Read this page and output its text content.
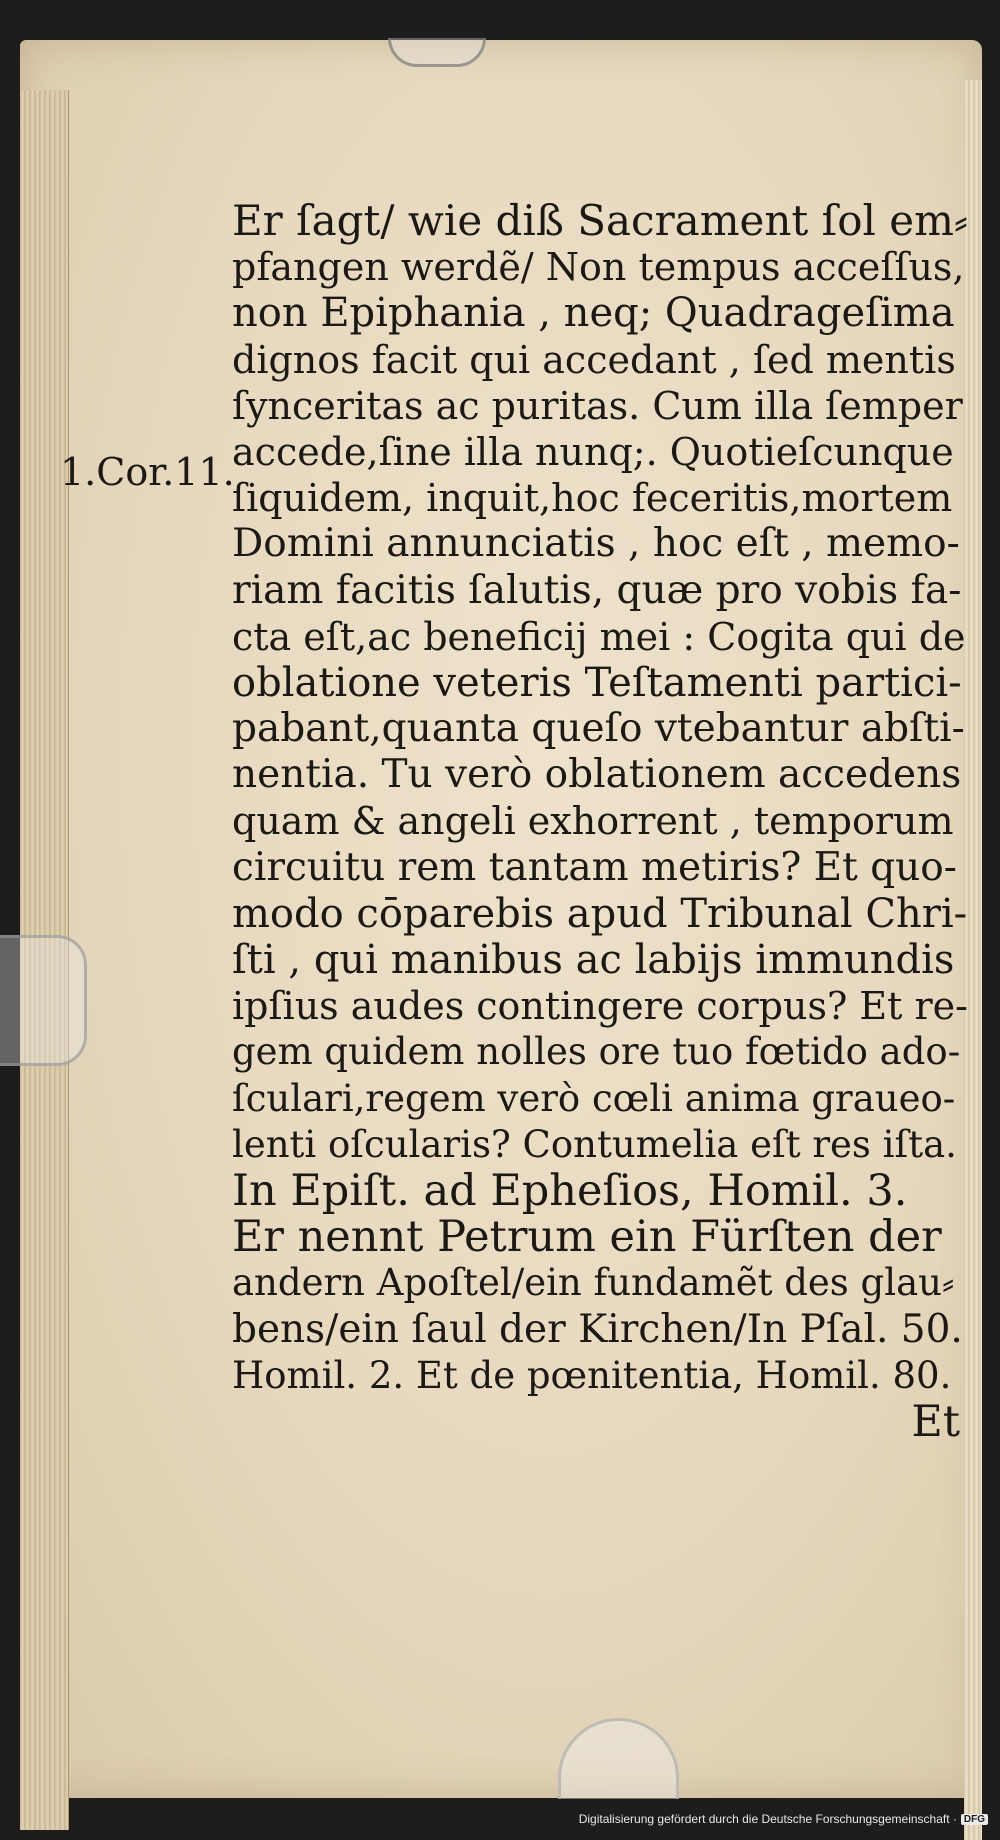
1.Cor.11.
Er ſagt/ wie diß Sacrament ſol em⸗
pfangen werdẽ/ Non tempus acceſſus,
non Epiphania , neq; Quadrageſima
dignos facit qui accedant , ſed mentis
ſynceritas ac puritas. Cum illa ſemper
accede,ſine illa nunq;. Quotieſcunque
ſiquidem, inquit,hoc feceritis,mortem
Domini annunciatis , hoc eſt , memo-
riam facitis ſalutis, quæ pro vobis fa-
cta eſt,ac beneficij mei : Cogita qui de
oblatione veteris Teſtamenti partici-
pabant,quanta queſo vtebantur abſti-
nentia. Tu verò oblationem accedens
quam & angeli exhorrent , temporum
circuitu rem tantam metiris? Et quo-
modo cōparebis apud Tribunal Chri-
ſti , qui manibus ac labijs immundis
ipſius audes contingere corpus? Et re-
gem quidem nolles ore tuo fœtido ado-
ſculari,regem verò cœli anima graueo-
lenti oſcularis? Contumelia eſt res iſta.
In Epiſt. ad Epheſios, Homil. 3.
Er nennt Petrum ein Fürſten der
andern Apoſtel/ein fundamẽt des glau⸗
bens/ein ſaul der Kirchen/In Pſal. 50.
Homil. 2. Et de pœnitentia, Homil. 80.
Et
Digitalisierung gefördert durch die Deutsche Forschungsgemeinschaft · DFG
